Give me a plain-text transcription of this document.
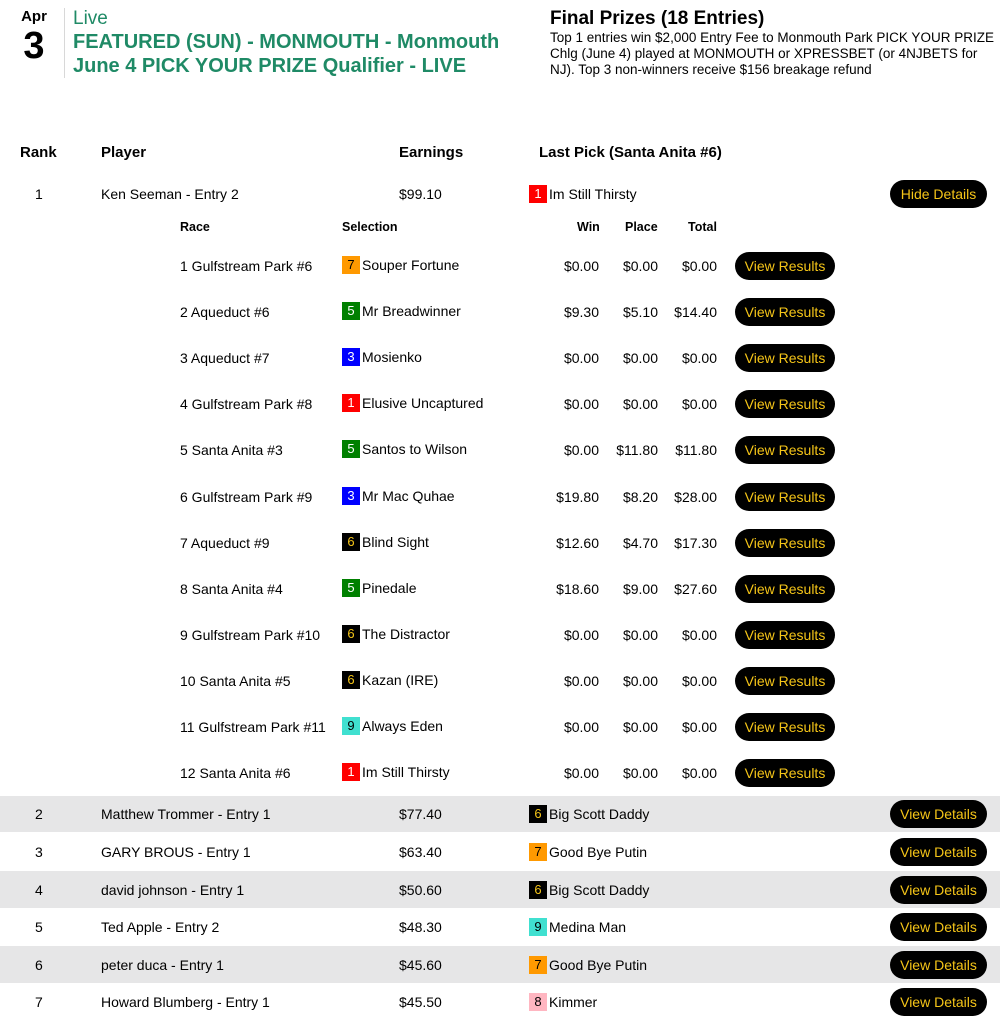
Apr
3
Live
FEATURED (SUN) - MONMOUTH - Monmouth June 4 PICK YOUR PRIZE Qualifier - LIVE
Final Prizes (18 Entries)
Top 1 entries win $2,000 Entry Fee to Monmouth Park PICK YOUR PRIZE Chlg (June 4) played at MONMOUTH or XPRESSBET (or 4NJBETS for NJ). Top 3 non-winners receive $156 breakage refund
Rank	Player	Earnings	Last Pick (Santa Anita #6)
1	Ken Seeman - Entry 2	$99.10	1 Im Still Thirsty	Hide Details
2	Matthew Trommer - Entry 1	$77.40	6 Big Scott Daddy	View Details
3	GARY BROUS - Entry 1	$63.40	7 Good Bye Putin	View Details
4	david johnson - Entry 1	$50.60	6 Big Scott Daddy	View Details
5	Ted Apple - Entry 2	$48.30	9 Medina Man	View Details
6	peter duca - Entry 1	$45.60	7 Good Bye Putin	View Details
7	Howard Blumberg - Entry 1	$45.50	8 Kimmer	View Details
Race	Selection	Win Place Total
1 Gulfstream Park #6	7 Souper Fortune	$0.00	$0.00	$0.00	View Results
2 Aqueduct #6	5 Mr Breadwinner	$9.30	$5.10	$14.40	View Results
3 Aqueduct #7	3 Mosienko	$0.00	$0.00	$0.00	View Results
4 Gulfstream Park #8	1 Elusive Uncaptured	$0.00	$0.00	$0.00	View Results
5 Santa Anita #3	5 Santos to Wilson	$0.00	$11.80	$11.80	View Results
6 Gulfstream Park #9	3 Mr Mac Quhae	$19.80	$8.20	$28.00	View Results
7 Aqueduct #9	6 Blind Sight	$12.60	$4.70	$17.30	View Results
8 Santa Anita #4	5 Pinedale	$18.60	$9.00	$27.60	View Results
9 Gulfstream Park #10	6 The Distractor	$0.00	$0.00	$0.00	View Results
10 Santa Anita #5	6 Kazan (IRE)	$0.00	$0.00	$0.00	View Results
11 Gulfstream Park #11	9 Always Eden	$0.00	$0.00	$0.00	View Results
12 Santa Anita #6	1 Im Still Thirsty	$0.00	$0.00	$0.00	View Results
